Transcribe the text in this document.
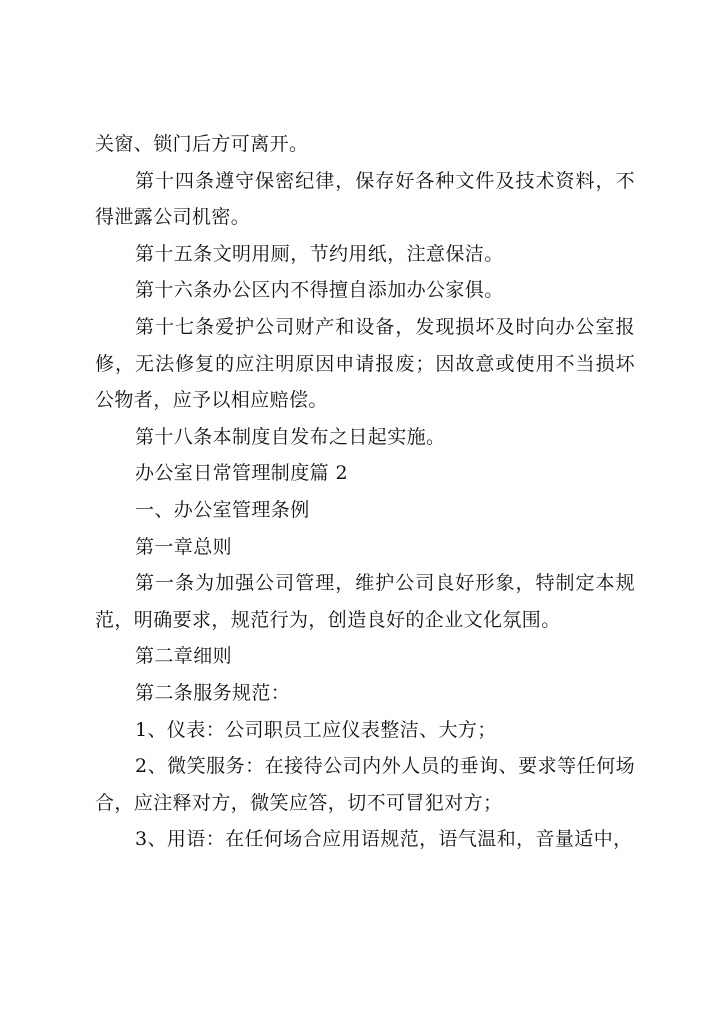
关窗、锁门后方可离开。

第十四条遵守保密纪律，保存好各种文件及技术资料，不得泄露公司机密。

第十五条文明用厕，节约用纸，注意保洁。

第十六条办公区内不得擅自添加办公家俱。

第十七条爱护公司财产和设备，发现损坏及时向办公室报修，无法修复的应注明原因申请报废；因故意或使用不当损坏公物者，应予以相应赔偿。

第十八条本制度自发布之日起实施。

办公室日常管理制度篇 2

一、办公室管理条例

第一章总则

第一条为加强公司管理，维护公司良好形象，特制定本规范，明确要求，规范行为，创造良好的企业文化氛围。

第二章细则

第二条服务规范：

1、仪表：公司职员工应仪表整洁、大方；

2、微笑服务：在接待公司内外人员的垂询、要求等任何场合，应注释对方，微笑应答，切不可冒犯对方；

3、用语：在任何场合应用语规范，语气温和，音量适中，
